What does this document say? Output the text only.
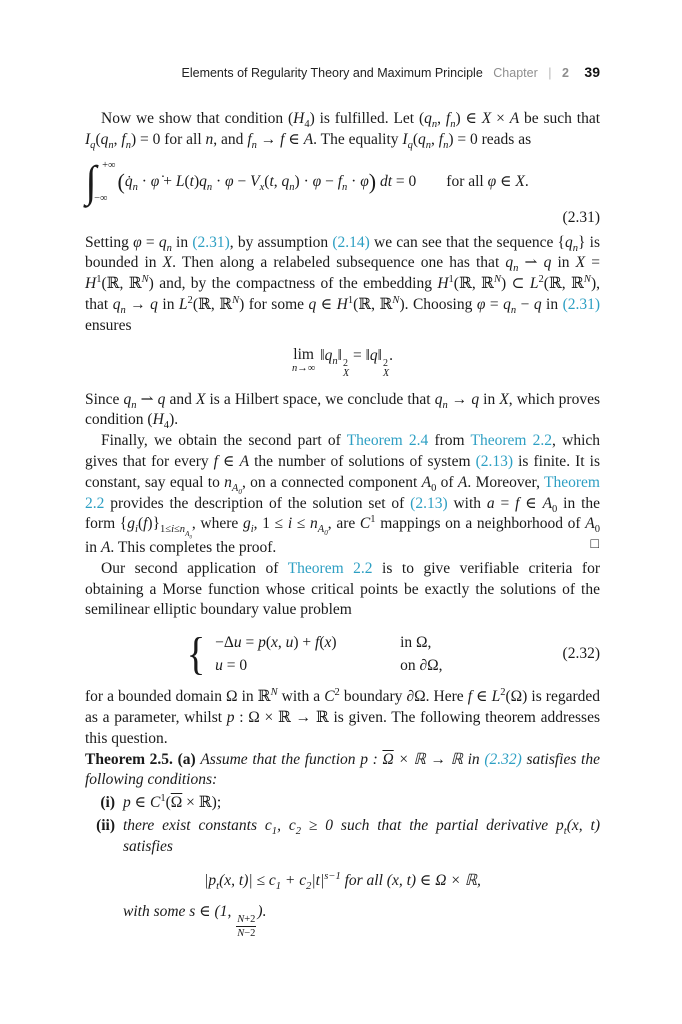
Elements of Regularity Theory and Maximum Principle Chapter | 2 39

Now we show that condition $(H_4)$ is fulfilled. Let ($q_n$, $f_n$) ∈ X × A be such that $I_q(q_n$, $f_n) = 0$ for all n, and $f_n \to f$ ∈ A. The equality $I_q(q_n$, $f_n) = 0$ reads as

∫ +∞
−∞
($q̇_n$ · φ̇ + $L(t)q_n \cdot \varphi - V_x(t$, $q_n) \cdot \varphi - f_n \cdot \varphi$) dt = 0 for all φ ∈ X.
(2.31)

Setting $\varphi = q_n$ in (2.31), by assumption (2.14) we can see that the sequence $\{q_n\}$ is bounded in X. Then along a relabeled subsequence one has that $q_n$ ⇀ q in $X = H^1(ℝ$, ℝ$^N$) and, by the compactness of the embedding $H^1(ℝ$, ℝ$^N$) ⊂ $L^2(ℝ$, ℝ$^N$), that $q_n \to q$ in $L^2(ℝ$, ℝ$^N$) for some q ∈ $H^1(ℝ$, ℝ$^N$). Choosing $\varphi = q_n - q$ in (2.31) ensures

lim
n→∞
$‖q_n‖$ 2
X
= ‖q‖ 2
X
.

Since $q_n$ ⇀ q and X is a Hilbert space, we conclude that $q_n \to q$ in X, which proves condition $(H_4)$.

Finally, we obtain the second part of Theorem 2.4 from Theorem 2.2, which gives that for every f ∈ A the number of solutions of system (2.13) is finite. It is constant, say equal to $n_{A_0}$, on a connected component $A_0$ of A. Moreover, Theorem 2.2 provides the description of the solution set of (2.13) with a = f ∈ $A_0$ in the form $\{g_i(f)\}_{1\le i\le n_{A_0}}$, where $g_i$, $1 \le i \le n_{A_0}$, are $C^1$ mappings on a neighborhood of $A_0$ in A. This completes the proof.	□

Our second application of Theorem 2.2 is to give verifiable criteria for obtaining a Morse function whose critical points be exactly the solutions of the semilinear elliptic boundary value problem

{ −Δu = p(x, u) + f(x)	in Ω,
u = 0	on ∂Ω,
(2.32)

for a bounded domain Ω in ℝ$^N$ with a $C^2$ boundary ∂Ω. Here f ∈ $L^2(\Omega)$ is regarded as a parameter, whilst p : Ω × ℝ → ℝ is given. The following theorem addresses this question.

Theorem 2.5. (a) Assume that the function p : $\overline{\Omega}$ × ℝ → ℝ in (2.32) satisfies the following conditions:

(i) p ∈ $C^1(\overline{\Omega}$ × ℝ);
(ii) there exist constants $c_1$, $c_2 \ge 0$ such that the partial derivative $p_t(x$, t) satisfies
$|p_t(x$, $t)| \le c_1 + c_2|t|^{s-1}$ for all (x, t) ∈ Ω × ℝ,
with some s ∈ (1,
$\frac{N+2}{N-2}$
).
